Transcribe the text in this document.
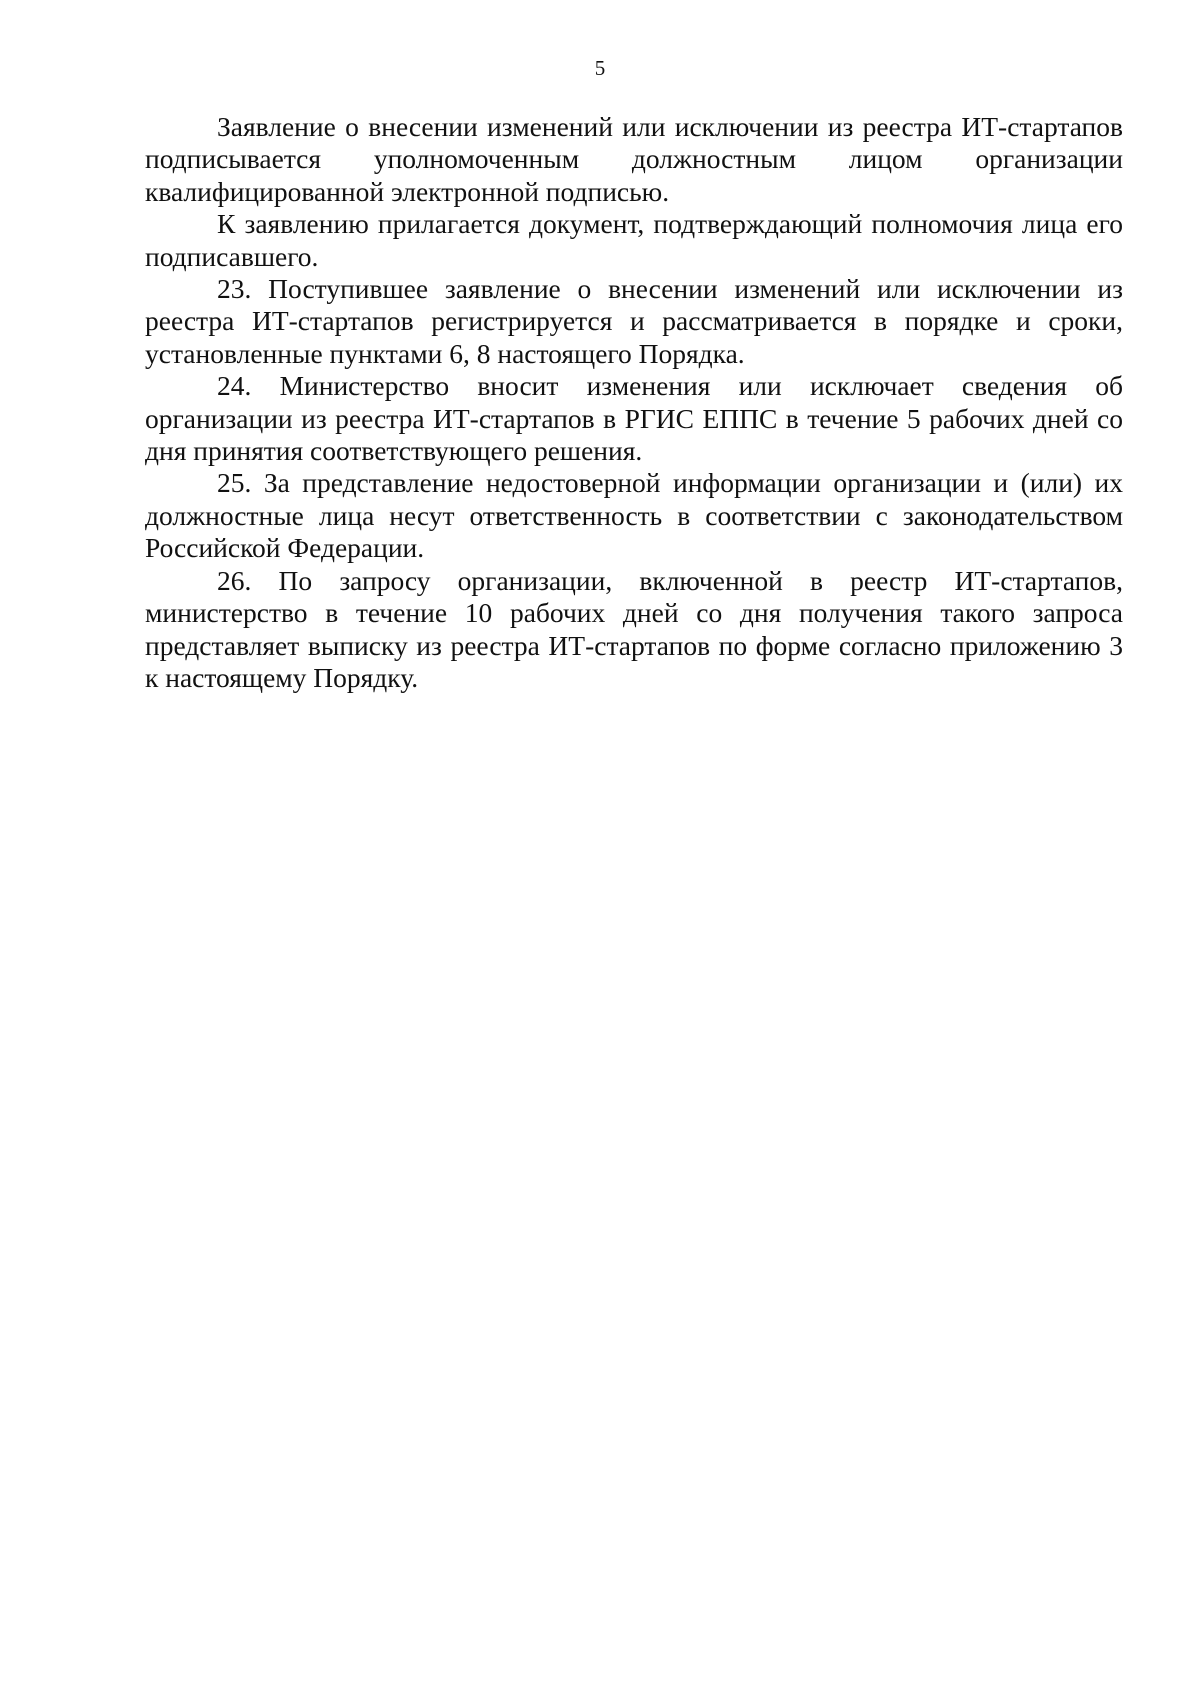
5

Заявление о внесении изменений или исключении из реестра ИТ-стартапов подписывается уполномоченным должностным лицом организации квалифицированной электронной подписью.

К заявлению прилагается документ, подтверждающий полномочия лица его подписавшего.

23. Поступившее заявление о внесении изменений или исключении из реестра ИТ-стартапов регистрируется и рассматривается в порядке и сроки, установленные пунктами 6, 8 настоящего Порядка.

24. Министерство вносит изменения или исключает сведения об организации из реестра ИТ-стартапов в РГИС ЕППС в течение 5 рабочих дней со дня принятия соответствующего решения.

25. За представление недостоверной информации организации и (или) их должностные лица несут ответственность в соответствии с законодательством Российской Федерации.

26. По запросу организации, включенной в реестр ИТ-стартапов, министерство в течение 10 рабочих дней со дня получения такого запроса представляет выписку из реестра ИТ-стартапов по форме согласно приложению 3 к настоящему Порядку.
